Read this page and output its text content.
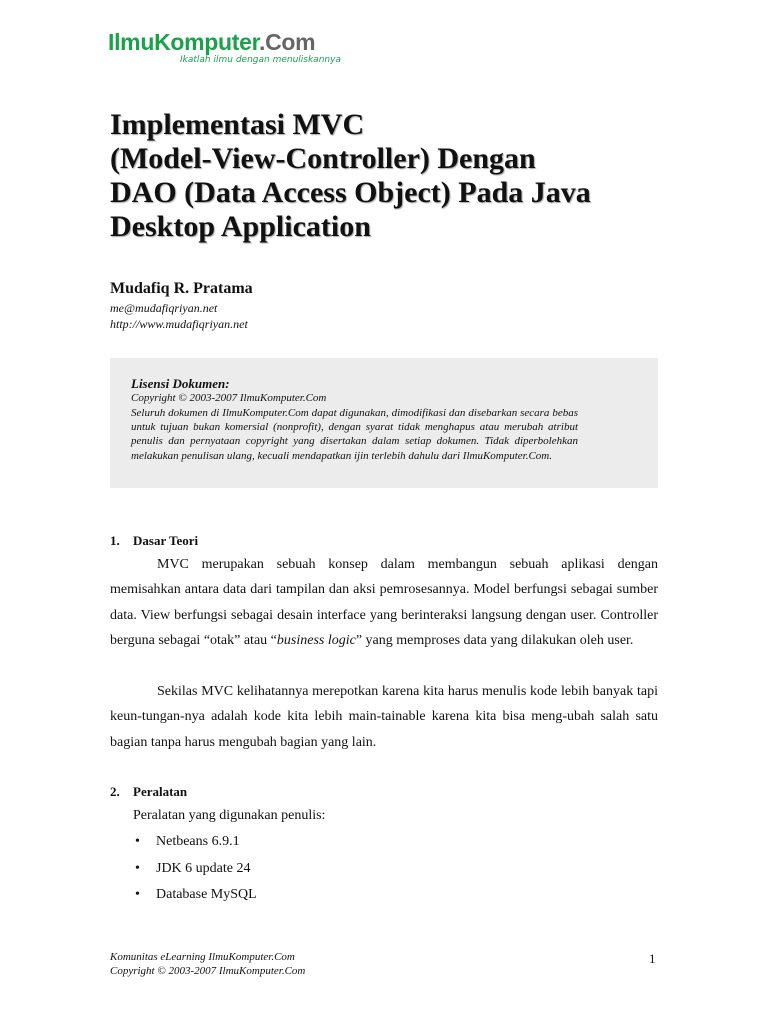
IlmuKomputer.Com
Ikatlah ilmu dengan menuliskannya
Implementasi MVC
(Model-View-Controller) Dengan
DAO (Data Access Object) Pada Java
Desktop Application
Mudafiq R. Pratama
me@mudafiqriyan.net
http://www.mudafiqriyan.net
Lisensi Dokumen:
Copyright © 2003-2007 IlmuKomputer.Com

Seluruh dokumen di IlmuKomputer.Com dapat digunakan, dimodifikasi dan disebarkan secara bebas untuk tujuan bukan komersial (nonprofit), dengan syarat tidak menghapus atau merubah atribut penulis dan pernyataan copyright yang disertakan dalam setiap dokumen. Tidak diperbolehkan melakukan penulisan ulang, kecuali mendapatkan ijin terlebih dahulu dari IlmuKomputer.Com.

1. Dasar Teori

MVC merupakan sebuah konsep dalam membangun sebuah aplikasi dengan memisahkan antara data dari tampilan dan aksi pemrosesannya. Model berfungsi sebagai sumber data. View berfungsi sebagai desain interface yang berinteraksi langsung dengan user. Controller berguna sebagai “otak” atau “business logic” yang memproses data yang dilakukan oleh user.

Sekilas MVC kelihatannya merepotkan karena kita harus menulis kode lebih banyak tapi keun-tungan-nya adalah kode kita lebih main-tainable karena kita bisa meng-ubah salah satu bagian tanpa harus mengubah bagian yang lain.

2. Peralatan
Peralatan yang digunakan penulis:
• Netbeans 6.9.1
• JDK 6 update 24
• Database MySQL
Komunitas eLearning IlmuKomputer.Com
Copyright © 2003-2007 IlmuKomputer.Com
1
